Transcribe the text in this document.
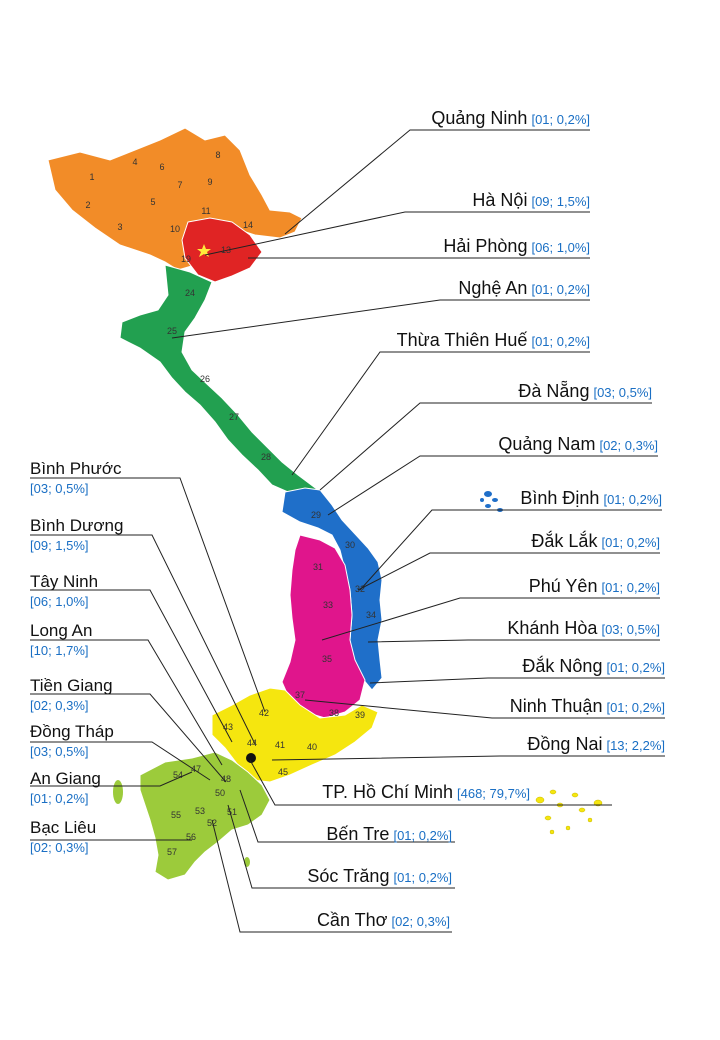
1
2
3
4
5
6
7
8
9
10
11
13
14
19
24
25
26
27
28
29
30
31
32
33
34
35
37
38 39
40
41
42
43
44
45
47
48
50
51
52
53
54
55
56
57
Quảng Ninh [01; 0,2%]
Hà Nội [09; 1,5%]
Hải Phòng [06; 1,0%]
Nghệ An [01; 0,2%]
Thừa Thiên Huế [01; 0,2%]
Đà Nẵng [03; 0,5%]
Quảng Nam [02; 0,3%]
Bình Định [01; 0,2%]
Đắk Lắk [01; 0,2%]
Phú Yên [01; 0,2%]
Khánh Hòa [03; 0,5%]
Đắk Nông [01; 0,2%]
Ninh Thuận [01; 0,2%]
Đồng Nai [13; 2,2%]
TP. Hồ Chí Minh [468; 79,7%]
Bến Tre [01; 0,2%]
Sóc Trăng [01; 0,2%]
Cần Thơ [02; 0,3%]
Bình Phước
[03; 0,5%]
Bình Dương
[09; 1,5%]
Tây Ninh
[06; 1,0%]
Long An
[10; 1,7%]
Tiền Giang
[02; 0,3%]
Đồng Tháp
[03; 0,5%]
An Giang
[01; 0,2%]
Bạc Liêu
[02; 0,3%]
